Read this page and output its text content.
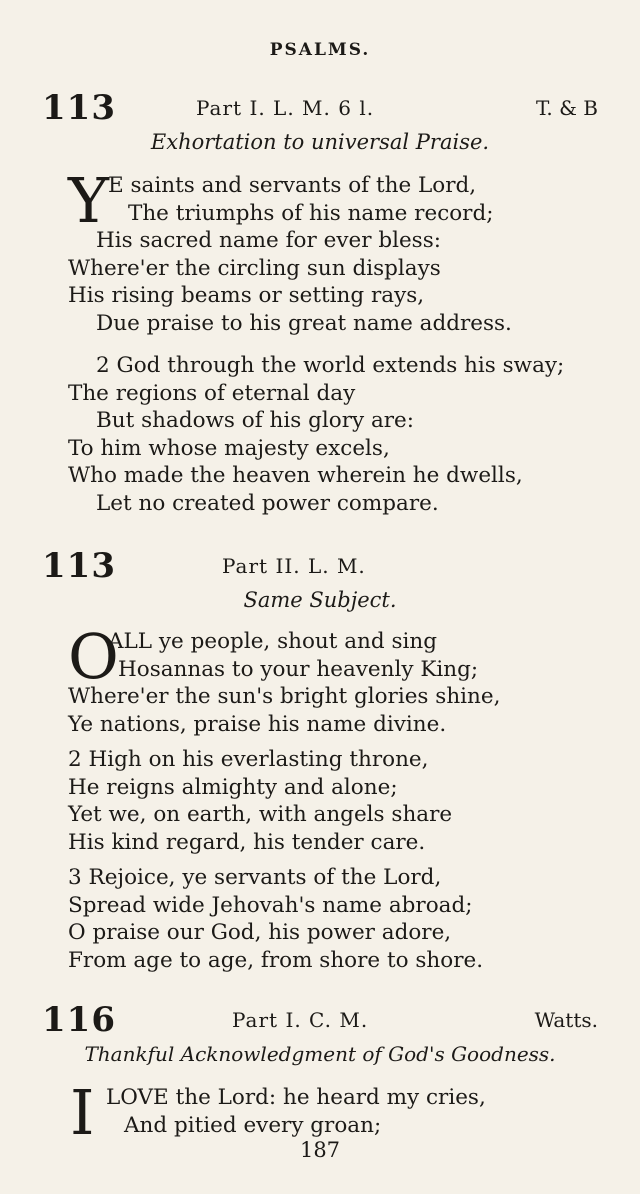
PSALMS.
113	Part I. L. M. 6 l.	T. & B
Exhortation to universal Praise.
Y E saints and servants of the Lord,
The triumphs of his name record;
His sacred name for ever bless:
Where'er the circling sun displays
His rising beams or setting rays,
Due praise to his great name address.
2 God through the world extends his sway;
The regions of eternal day
But shadows of his glory are:
To him whose majesty excels,
Who made the heaven wherein he dwells,
Let no created power compare.
113	Part II. L. M.
Same Subject.
O
ALL ye people, shout and sing
Hosannas to your heavenly King;
Where'er the sun's bright glories shine,
Ye nations, praise his name divine.
2 High on his everlasting throne,
He reigns almighty and alone;
Yet we, on earth, with angels share
His kind regard, his tender care.
3 Rejoice, ye servants of the Lord,
Spread wide Jehovah's name abroad;
O praise our God, his power adore,
From age to age, from shore to shore.
116	Part I. C. M.	Watts.
Thankful Acknowledgment of God's Goodness.
I LOVE the Lord: he heard my cries,
And pitied every groan;
187
